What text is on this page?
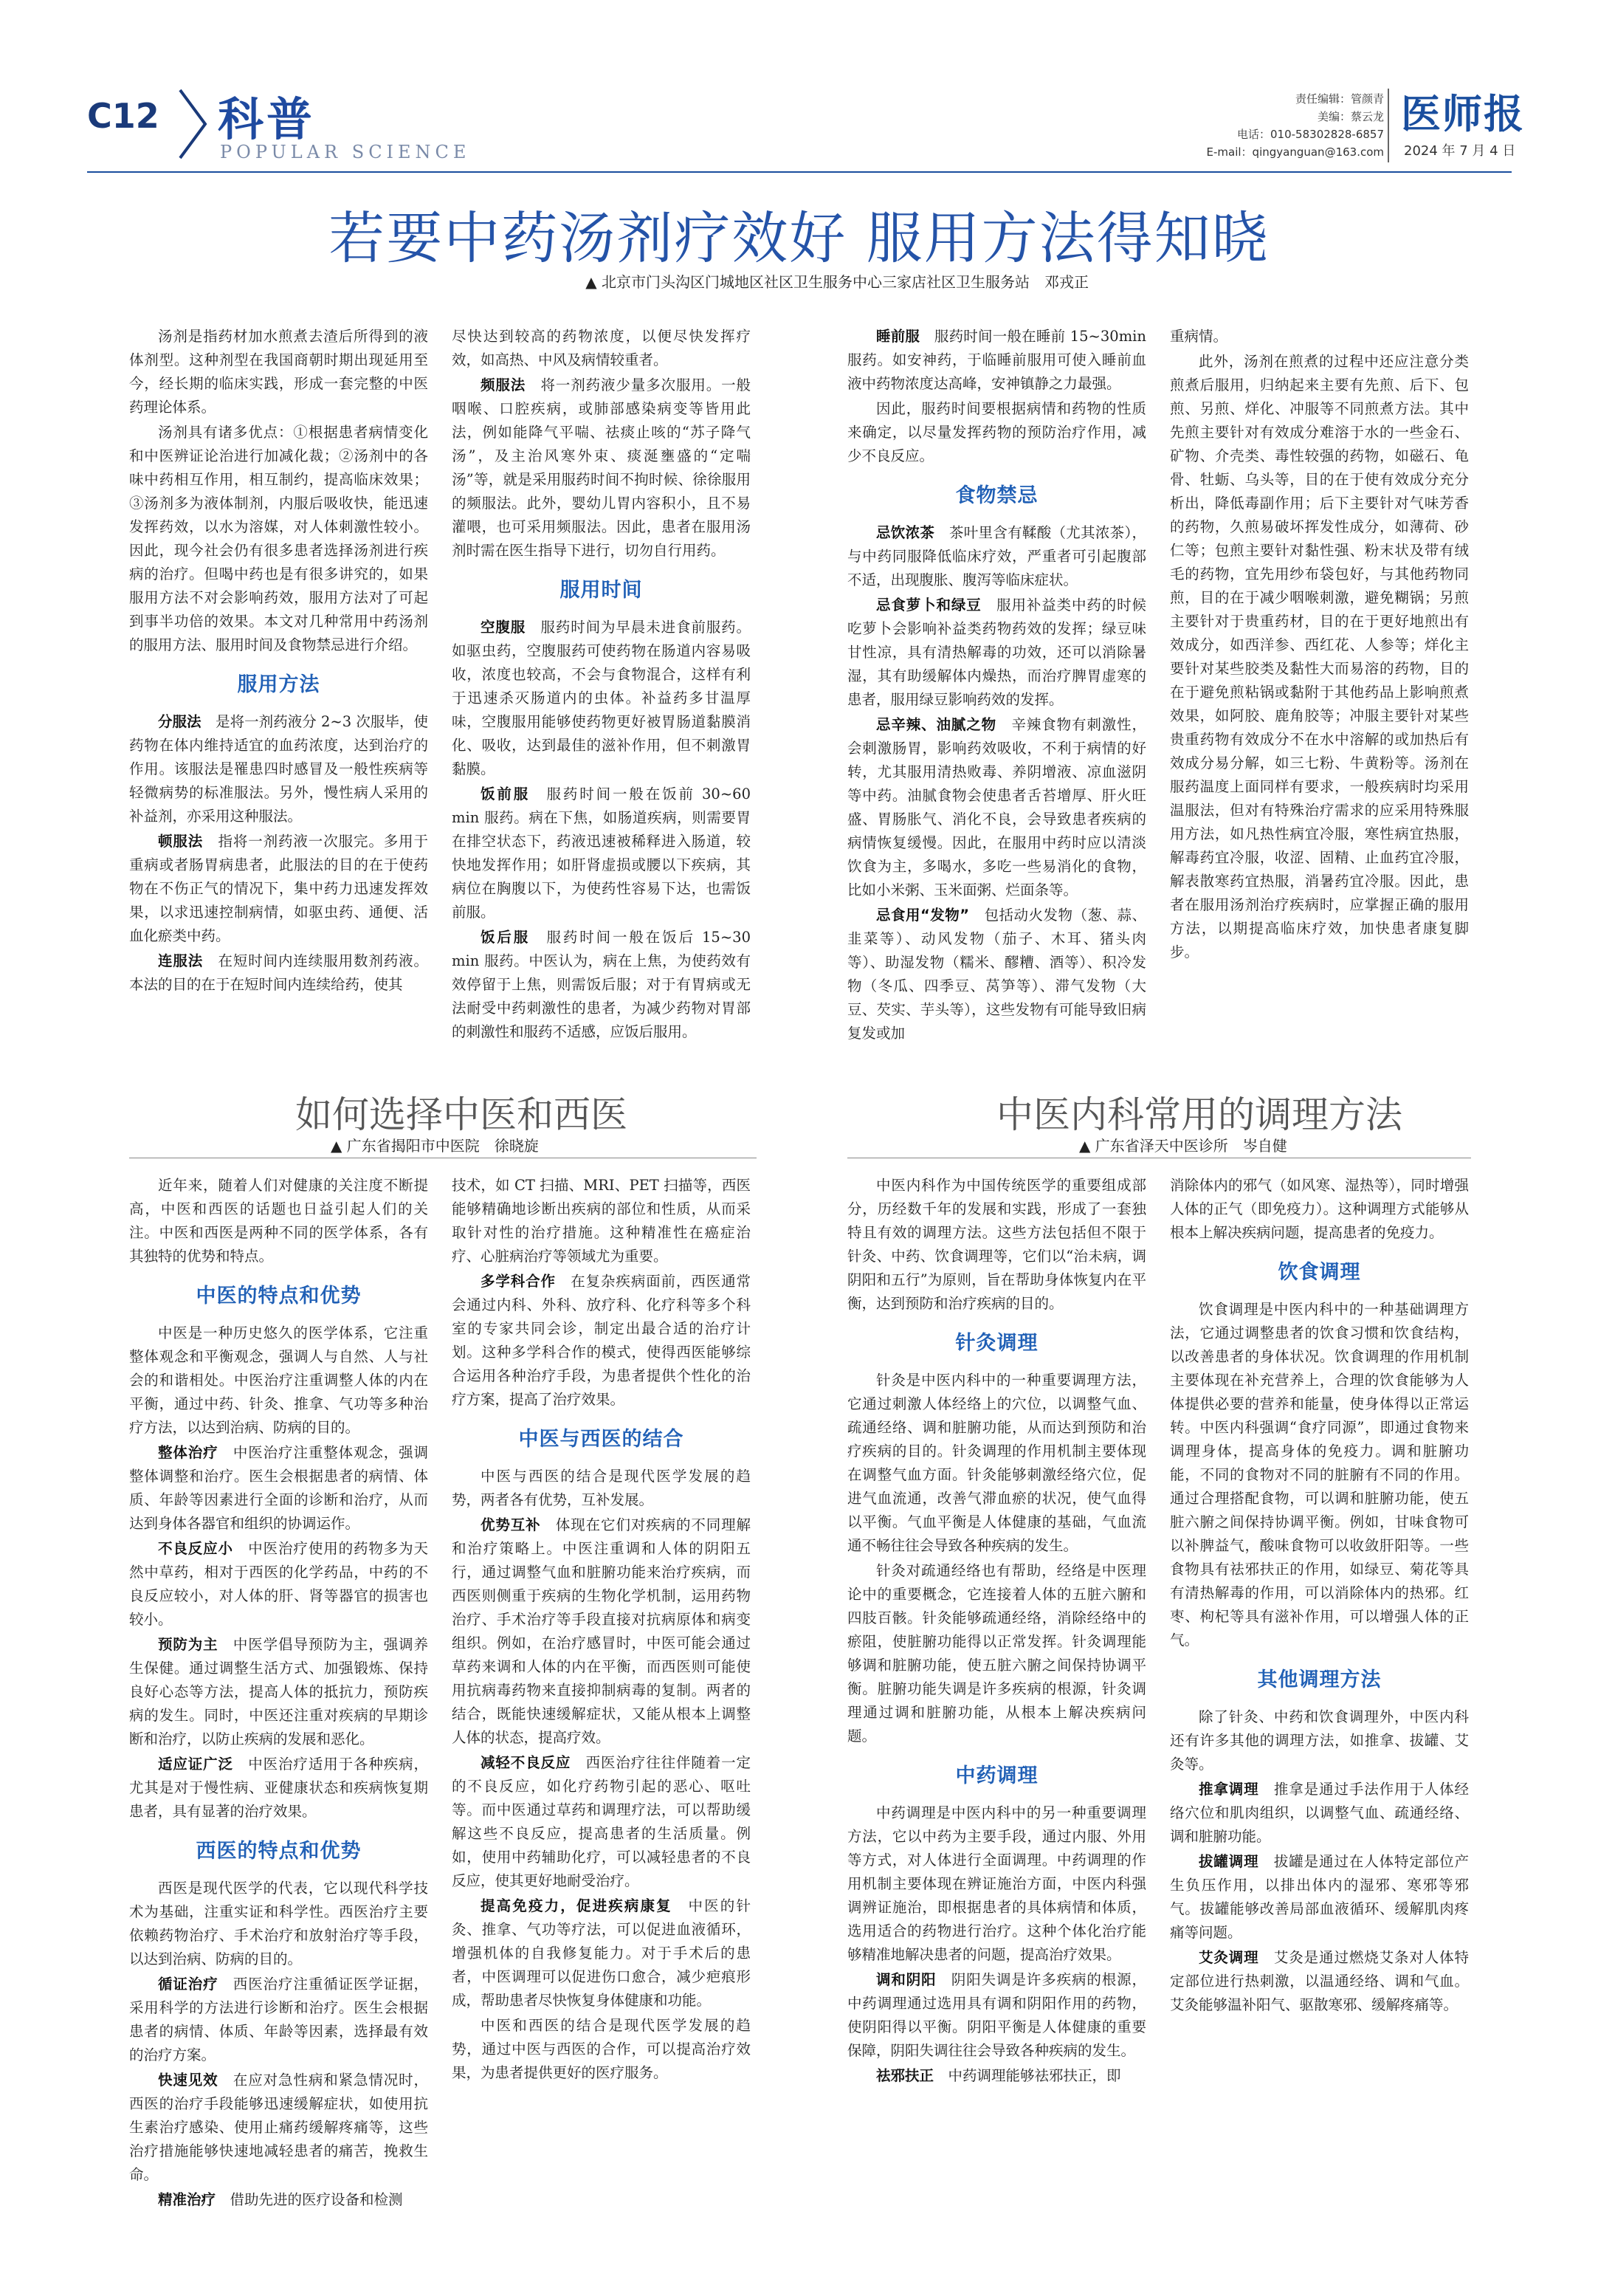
C12 科普
POPULAR SCIENCE
责任编辑：管颜青
美编：蔡云龙
电话：010-58302828-6857
E-mail：qingyanguan@163.com
医师报
2024 年 7 月 4 日
若要中药汤剂疗效好 服用方法得知晓
▲ 北京市门头沟区门城地区社区卫生服务中心三家店社区卫生服务站　邓戎正

汤剂是指药材加水煎煮去渣后所得到的液体剂型。这种剂型在我国商朝时期出现延用至今，经长期的临床实践，形成一套完整的中医药理论体系。

汤剂具有诸多优点：①根据患者病情变化和中医辨证论治进行加减化裁；②汤剂中的各味中药相互作用，相互制约，提高临床效果；③汤剂多为液体制剂，内服后吸收快，能迅速发挥药效，以水为溶媒，对人体刺激性较小。因此，现今社会仍有很多患者选择汤剂进行疾病的治疗。但喝中药也是有很多讲究的，如果服用方法不对会影响药效，服用方法对了可起到事半功倍的效果。本文对几种常用中药汤剂的服用方法、服用时间及食物禁忌进行介绍。

服用方法

分服法　 是将一剂药液分 2~3 次服毕，使药物在体内维持适宜的血药浓度，达到治疗的作用。该服法是罹患四时感冒及一般性疾病等轻微病势的标准服法。另外，慢性病人采用的补益剂，亦采用这种服法。

顿服法　 指将一剂药液一次服完。多用于重病或者肠胃病患者，此服法的目的在于使药物在不伤正气的情况下，集中药力迅速发挥效果，以求迅速控制病情，如驱虫药、通便、活血化瘀类中药。

连服法　 在短时间内连续服用数剂药液。本法的目的在于在短时间内连续给药，使其

尽快达到较高的药物浓度，以便尽快发挥疗效，如高热、中风及病情较重者。

频服法　 将一剂药液少量多次服用。一般咽喉、口腔疾病，或肺部感染病变等皆用此法，例如能降气平喘、祛痰止咳的“苏子降气汤”，及主治风寒外束、痰涎壅盛的“定喘汤”等，就是采用服药时间不拘时候、徐徐服用的频服法。此外，婴幼儿胃内容积小，且不易灌喂，也可采用频服法。因此，患者在服用汤剂时需在医生指导下进行，切勿自行用药。

服用时间

空腹服　 服药时间为早晨未进食前服药。如驱虫药，空腹服药可使药物在肠道内容易吸收，浓度也较高，不会与食物混合，这样有利于迅速杀灭肠道内的虫体。补益药多甘温厚味，空腹服用能够使药物更好被胃肠道黏膜消化、吸收，达到最佳的滋补作用，但不刺激胃黏膜。

饭前服　 服药时间一般在饭前 30~60 min 服药。病在下焦，如肠道疾病，则需要胃在排空状态下，药液迅速被稀释进入肠道，较快地发挥作用；如肝肾虚损或腰以下疾病，其病位在胸腹以下，为使药性容易下达，也需饭前服。

饭后服　 服药时间一般在饭后 15~30 min 服药。中医认为，病在上焦，为使药效有效停留于上焦，则需饭后服；对于有胃病或无法耐受中药刺激性的患者，为减少药物对胃部的刺激性和服药不适感，应饭后服用。

睡前服　 服药时间一般在睡前 15~30min 服药。如安神药，于临睡前服用可使入睡前血液中药物浓度达高峰，安神镇静之力最强。

因此，服药时间要根据病情和药物的性质来确定，以尽量发挥药物的预防治疗作用，减少不良反应。

食物禁忌

忌饮浓茶　 茶叶里含有鞣酸（尤其浓茶），与中药同服降低临床疗效，严重者可引起腹部不适，出现腹胀、腹泻等临床症状。

忌食萝卜和绿豆　 服用补益类中药的时候吃萝卜会影响补益类药物药效的发挥；绿豆味甘性凉，具有清热解毒的功效，还可以消除暑湿，其有助缓解体内燥热，而治疗脾胃虚寒的患者，服用绿豆影响药效的发挥。

忌辛辣、油腻之物　 辛辣食物有刺激性，会刺激肠胃，影响药效吸收，不利于病情的好转，尤其服用清热败毒、养阴增液、凉血滋阴等中药。油腻食物会使患者舌苔增厚、肝火旺盛、胃肠胀气、消化不良，会导致患者疾病的病情恢复缓慢。因此，在服用中药时应以清淡饮食为主，多喝水，多吃一些易消化的食物，比如小米粥、玉米面粥、烂面条等。

忌食用“发物”　 包括动火发物（葱、蒜、韭菜等）、动风发物（茄子、木耳、猪头肉等）、助湿发物（糯米、醪糟、酒等）、积冷发物（冬瓜、四季豆、莴笋等）、滞气发物（大豆、芡实、芋头等），这些发物有可能导致旧病复发或加

重病情。

此外，汤剂在煎煮的过程中还应注意分类煎煮后服用，归纳起来主要有先煎、后下、包煎、另煎、烊化、冲服等不同煎煮方法。其中先煎主要针对有效成分难溶于水的一些金石、矿物、介壳类、毒性较强的药物，如磁石、龟骨、牡蛎、乌头等，目的在于使有效成分充分析出，降低毒副作用；后下主要针对气味芳香的药物，久煎易破坏挥发性成分，如薄荷、砂仁等；包煎主要针对黏性强、粉末状及带有绒毛的药物，宜先用纱布袋包好，与其他药物同煎，目的在于减少咽喉刺激，避免糊锅；另煎主要针对于贵重药材，目的在于更好地煎出有效成分，如西洋参、西红花、人参等；烊化主要针对某些胶类及黏性大而易溶的药物，目的在于避免煎粘锅或黏附于其他药品上影响煎煮效果，如阿胶、鹿角胶等；冲服主要针对某些贵重药物有效成分不在水中溶解的或加热后有效成分易分解，如三七粉、牛黄粉等。汤剂在服药温度上面同样有要求，一般疾病时均采用温服法，但对有特殊治疗需求的应采用特殊服用方法，如凡热性病宜冷服，寒性病宜热服，解毒药宜冷服，收涩、固精、止血药宜冷服，解表散寒药宜热服，消暑药宜冷服。因此，患者在服用汤剂治疗疾病时，应掌握正确的服用方法，以期提高临床疗效，加快患者康复脚步。

如何选择中医和西医
▲ 广东省揭阳市中医院　徐晓旋

近年来，随着人们对健康的关注度不断提高，中医和西医的话题也日益引起人们的关注。中医和西医是两种不同的医学体系，各有其独特的优势和特点。

中医的特点和优势

中医是一种历史悠久的医学体系，它注重整体观念和平衡观念，强调人与自然、人与社会的和谐相处。中医治疗注重调整人体的内在平衡，通过中药、针灸、推拿、气功等多种治疗方法，以达到治病、防病的目的。

整体治疗　 中医治疗注重整体观念，强调整体调整和治疗。医生会根据患者的病情、体质、年龄等因素进行全面的诊断和治疗，从而达到身体各器官和组织的协调运作。

不良反应小　 中医治疗使用的药物多为天然中草药，相对于西医的化学药品，中药的不良反应较小，对人体的肝、肾等器官的损害也较小。

预防为主　 中医学倡导预防为主，强调养生保健。通过调整生活方式、加强锻炼、保持良好心态等方法，提高人体的抵抗力，预防疾病的发生。同时，中医还注重对疾病的早期诊断和治疗，以防止疾病的发展和恶化。

适应证广泛　 中医治疗适用于各种疾病，尤其是对于慢性病、亚健康状态和疾病恢复期患者，具有显著的治疗效果。

西医的特点和优势

西医是现代医学的代表，它以现代科学技术为基础，注重实证和科学性。西医治疗主要依赖药物治疗、手术治疗和放射治疗等手段，以达到治病、防病的目的。

循证治疗　 西医治疗注重循证医学证据，采用科学的方法进行诊断和治疗。医生会根据患者的病情、体质、年龄等因素，选择最有效的治疗方案。

快速见效　 在应对急性病和紧急情况时，西医的治疗手段能够迅速缓解症状，如使用抗生素治疗感染、使用止痛药缓解疼痛等，这些治疗措施能够快速地减轻患者的痛苦，挽救生命。

精准治疗　 借助先进的医疗设备和检测

技术，如 CT 扫描、MRI、PET 扫描等，西医能够精确地诊断出疾病的部位和性质，从而采取针对性的治疗措施。这种精准性在癌症治疗、心脏病治疗等领域尤为重要。

多学科合作　 在复杂疾病面前，西医通常会通过内科、外科、放疗科、化疗科等多个科室的专家共同会诊，制定出最合适的治疗计划。这种多学科合作的模式，使得西医能够综合运用各种治疗手段，为患者提供个性化的治疗方案，提高了治疗效果。

中医与西医的结合

中医与西医的结合是现代医学发展的趋势，两者各有优势，互补发展。

优势互补　 体现在它们对疾病的不同理解和治疗策略上。中医注重调和人体的阴阳五行，通过调整气血和脏腑功能来治疗疾病，而西医则侧重于疾病的生物化学机制，运用药物治疗、手术治疗等手段直接对抗病原体和病变组织。例如，在治疗感冒时，中医可能会通过草药来调和人体的内在平衡，而西医则可能使用抗病毒药物来直接抑制病毒的复制。两者的结合，既能快速缓解症状，又能从根本上调整人体的状态，提高疗效。

减轻不良反应　 西医治疗往往伴随着一定的不良反应，如化疗药物引起的恶心、呕吐等。而中医通过草药和调理疗法，可以帮助缓解这些不良反应，提高患者的生活质量。例如，使用中药辅助化疗，可以减轻患者的不良反应，使其更好地耐受治疗。

提高免疫力，促进疾病康复　 中医的针灸、推拿、气功等疗法，可以促进血液循环，增强机体的自我修复能力。对于手术后的患者，中医调理可以促进伤口愈合，减少疤痕形成，帮助患者尽快恢复身体健康和功能。

中医和西医的结合是现代医学发展的趋势，通过中医与西医的合作，可以提高治疗效果，为患者提供更好的医疗服务。

中医内科常用的调理方法
▲ 广东省泽天中医诊所　岑自健

中医内科作为中国传统医学的重要组成部分，历经数千年的发展和实践，形成了一套独特且有效的调理方法。这些方法包括但不限于针灸、中药、饮食调理等，它们以“治未病，调阴阳和五行”为原则，旨在帮助身体恢复内在平衡，达到预防和治疗疾病的目的。

针灸调理

针灸是中医内科中的一种重要调理方法，它通过刺激人体经络上的穴位，以调整气血、疏通经络、调和脏腑功能，从而达到预防和治疗疾病的目的。针灸调理的作用机制主要体现在调整气血方面。针灸能够刺激经络穴位，促进气血流通，改善气滞血瘀的状况，使气血得以平衡。气血平衡是人体健康的基础，气血流通不畅往往会导致各种疾病的发生。

针灸对疏通经络也有帮助，经络是中医理论中的重要概念，它连接着人体的五脏六腑和四肢百骸。针灸能够疏通经络，消除经络中的瘀阻，使脏腑功能得以正常发挥。针灸调理能够调和脏腑功能，使五脏六腑之间保持协调平衡。脏腑功能失调是许多疾病的根源，针灸调理通过调和脏腑功能，从根本上解决疾病问题。

中药调理

中药调理是中医内科中的另一种重要调理方法，它以中药为主要手段，通过内服、外用等方式，对人体进行全面调理。中药调理的作用机制主要体现在辨证施治方面，中医内科强调辨证施治，即根据患者的具体病情和体质，选用适合的药物进行治疗。这种个体化治疗能够精准地解决患者的问题，提高治疗效果。

调和阴阳　 阴阳失调是许多疾病的根源，中药调理通过选用具有调和阴阳作用的药物，使阴阳得以平衡。阴阳平衡是人体健康的重要保障，阴阳失调往往会导致各种疾病的发生。

祛邪扶正　 中药调理能够祛邪扶正，即

消除体内的邪气（如风寒、湿热等），同时增强人体的正气（即免疫力）。这种调理方式能够从根本上解决疾病问题，提高患者的免疫力。

饮食调理

饮食调理是中医内科中的一种基础调理方法，它通过调整患者的饮食习惯和饮食结构，以改善患者的身体状况。饮食调理的作用机制主要体现在补充营养上，合理的饮食能够为人体提供必要的营养和能量，使身体得以正常运转。中医内科强调“食疗同源”，即通过食物来调理身体，提高身体的免疫力。调和脏腑功能，不同的食物对不同的脏腑有不同的作用。通过合理搭配食物，可以调和脏腑功能，使五脏六腑之间保持协调平衡。例如，甘味食物可以补脾益气，酸味食物可以收敛肝阳等。一些食物具有祛邪扶正的作用，如绿豆、菊花等具有清热解毒的作用，可以消除体内的热邪。红枣、枸杞等具有滋补作用，可以增强人体的正气。

其他调理方法

除了针灸、中药和饮食调理外，中医内科还有许多其他的调理方法，如推拿、拔罐、艾灸等。

推拿调理　 推拿是通过手法作用于人体经络穴位和肌肉组织，以调整气血、疏通经络、调和脏腑功能。

拔罐调理　 拔罐是通过在人体特定部位产生负压作用，以排出体内的湿邪、寒邪等邪气。拔罐能够改善局部血液循环、缓解肌肉疼痛等问题。

艾灸调理　 艾灸是通过燃烧艾条对人体特定部位进行热刺激，以温通经络、调和气血。艾灸能够温补阳气、驱散寒邪、缓解疼痛等。
